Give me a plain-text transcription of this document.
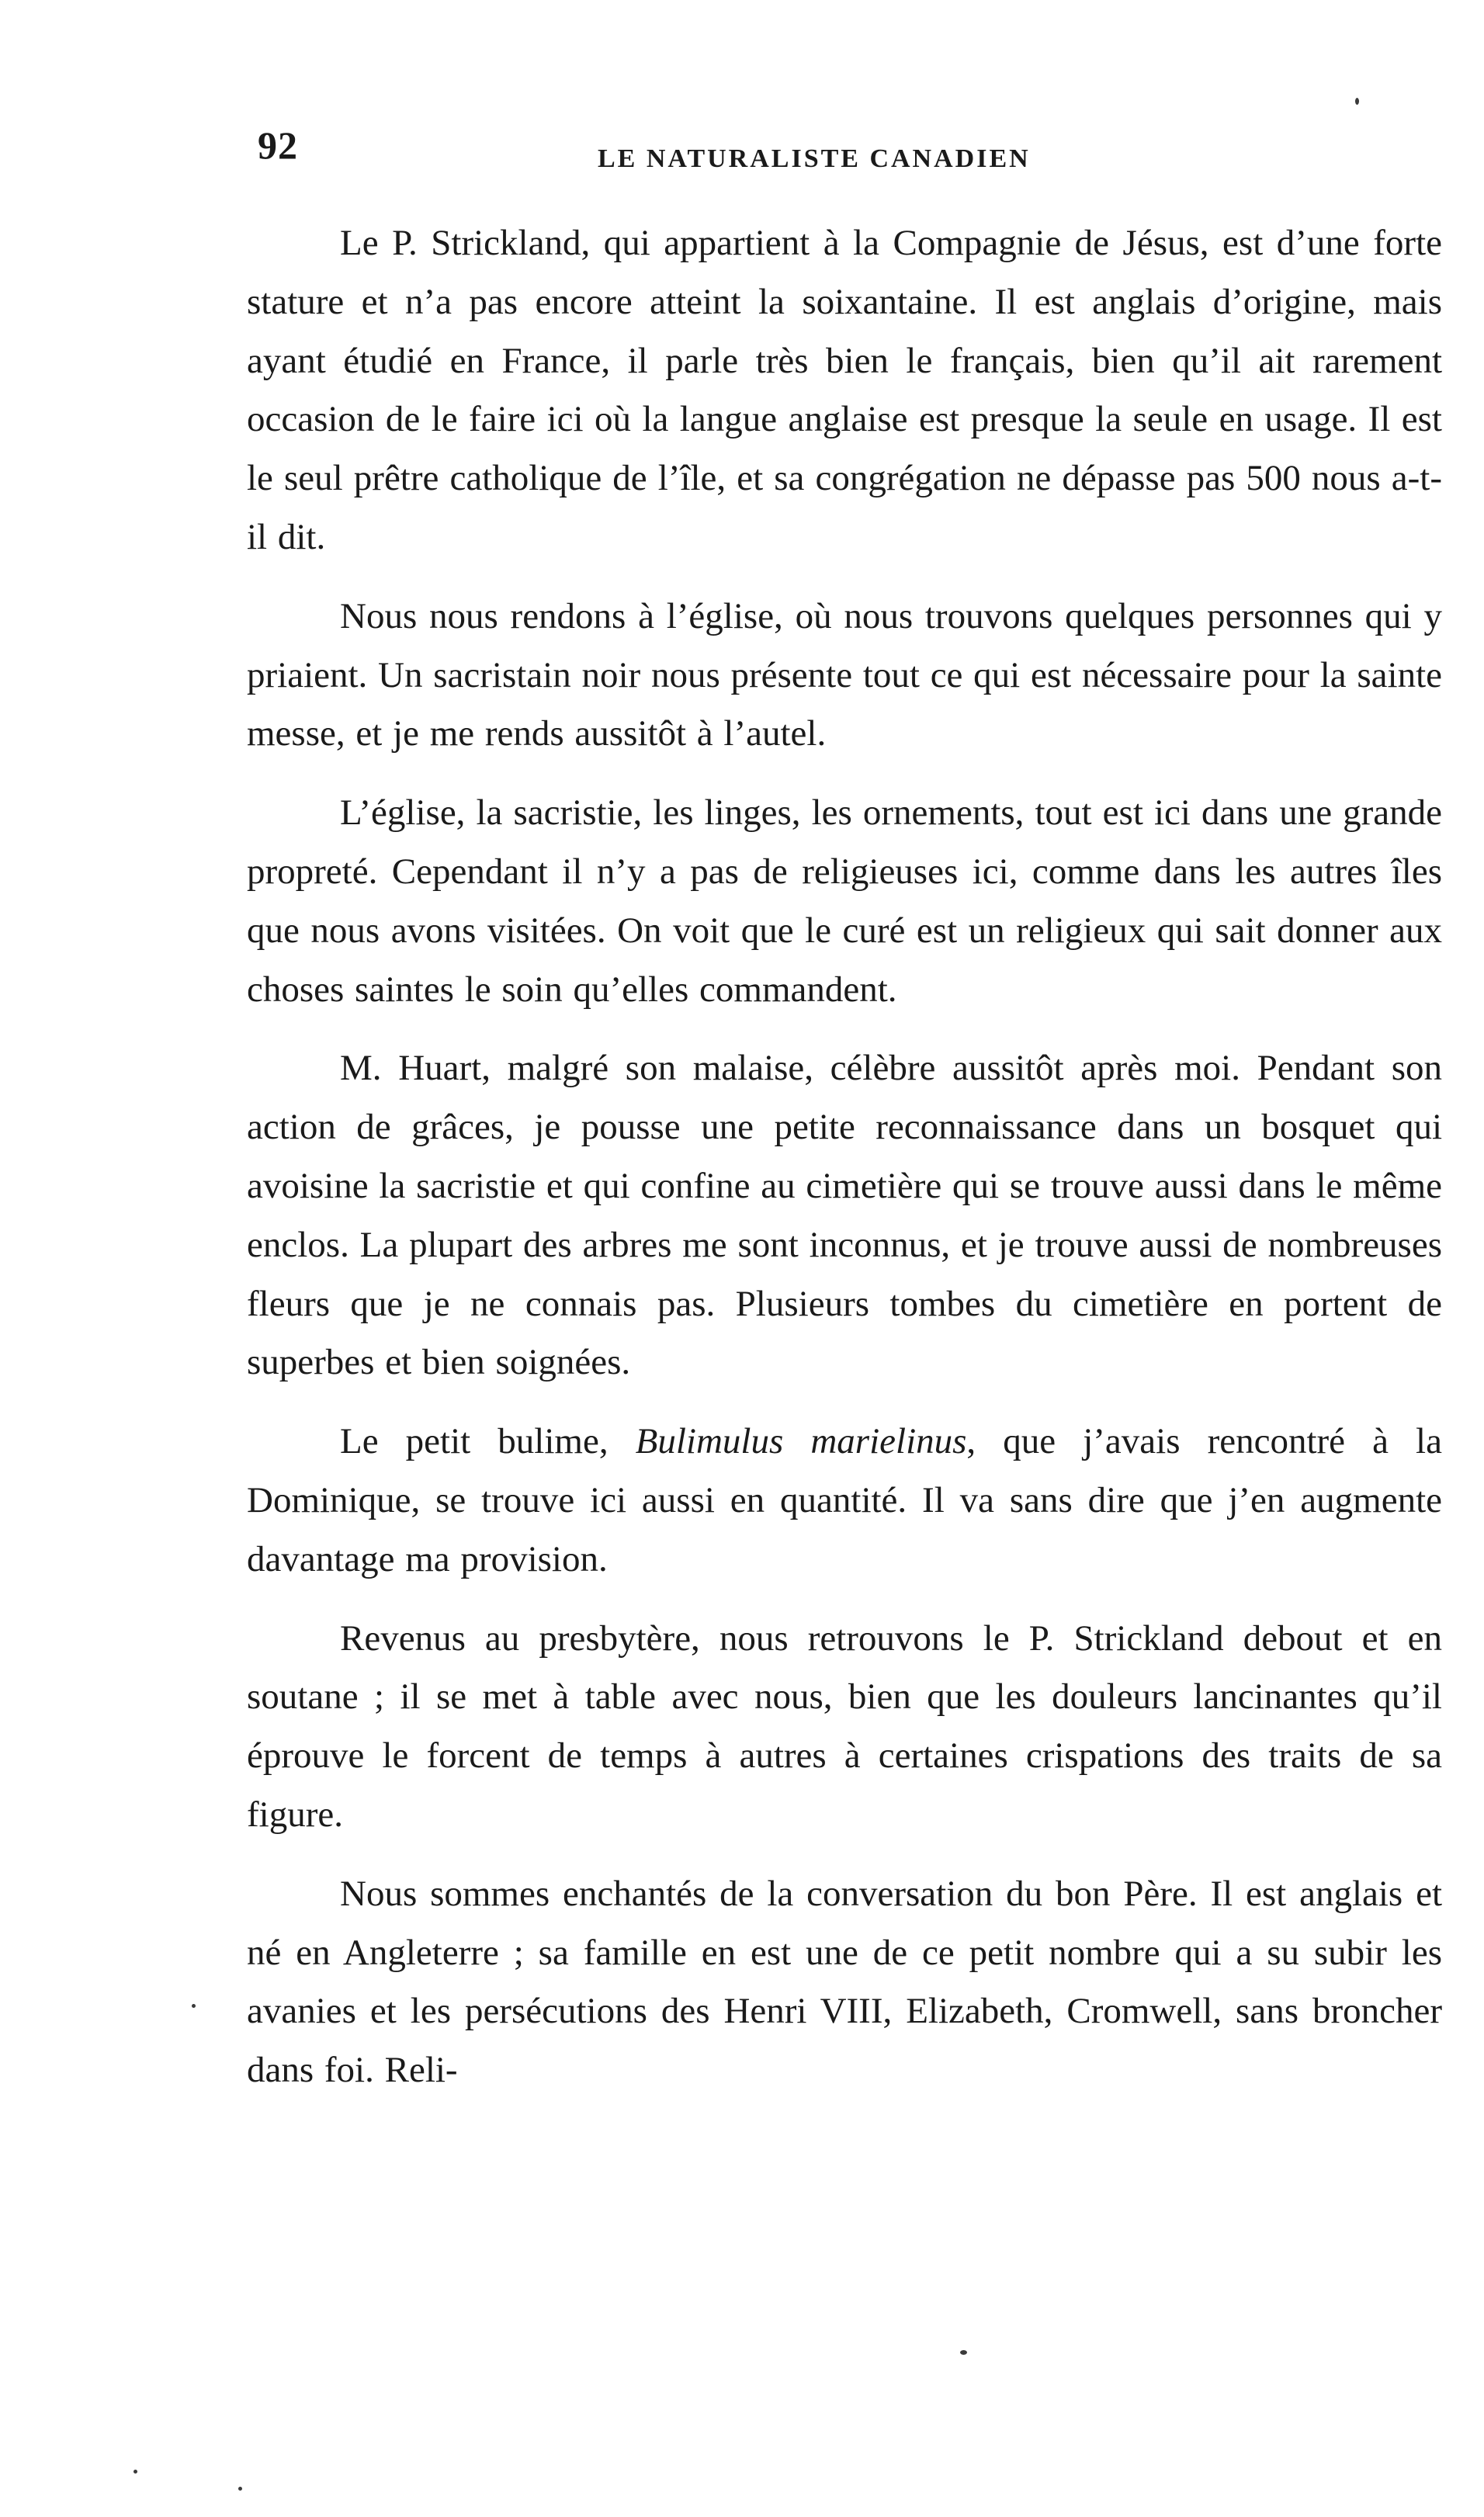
92	LE NATURALISTE CANADIEN

Le P. Strickland, qui appartient à la Compagnie de Jésus, est d’une forte stature et n’a pas encore atteint la soixantaine. Il est anglais d’origine, mais ayant étudié en France, il parle très bien le français, bien qu’il ait rarement occasion de le faire ici où la langue anglaise est presque la seule en usage. Il est le seul prêtre catholique de l’île, et sa congrégation ne dépasse pas 500 nous a-t-il dit.

Nous nous rendons à l’église, où nous trouvons quelques personnes qui y priaient. Un sacristain noir nous présente tout ce qui est nécessaire pour la sainte messe, et je me rends aussitôt à l’autel.

L’église, la sacristie, les linges, les ornements, tout est ici dans une grande propreté. Cependant il n’y a pas de religieuses ici, comme dans les autres îles que nous avons visitées. On voit que le curé est un religieux qui sait donner aux choses saintes le soin qu’elles commandent.

M. Huart, malgré son malaise, célèbre aussitôt après moi. Pendant son action de grâces, je pousse une petite reconnaissance dans un bosquet qui avoisine la sacristie et qui confine au cimetière qui se trouve aussi dans le même enclos. La plupart des arbres me sont inconnus, et je trouve aussi de nombreuses fleurs que je ne connais pas. Plusieurs tombes du cimetière en portent de superbes et bien soignées.

Le petit bulime, Bulimulus marielinus, que j’avais rencontré à la Dominique, se trouve ici aussi en quantité. Il va sans dire que j’en augmente davantage ma provision.

Revenus au presbytère, nous retrouvons le P. Strickland debout et en soutane ; il se met à table avec nous, bien que les douleurs lancinantes qu’il éprouve le forcent de temps à autres à certaines crispations des traits de sa figure.

Nous sommes enchantés de la conversation du bon Père. Il est anglais et né en Angleterre ; sa famille en est une de ce petit nombre qui a su subir les avanies et les persécutions des Henri VIII, Elizabeth, Cromwell, sans broncher dans foi. Reli-
